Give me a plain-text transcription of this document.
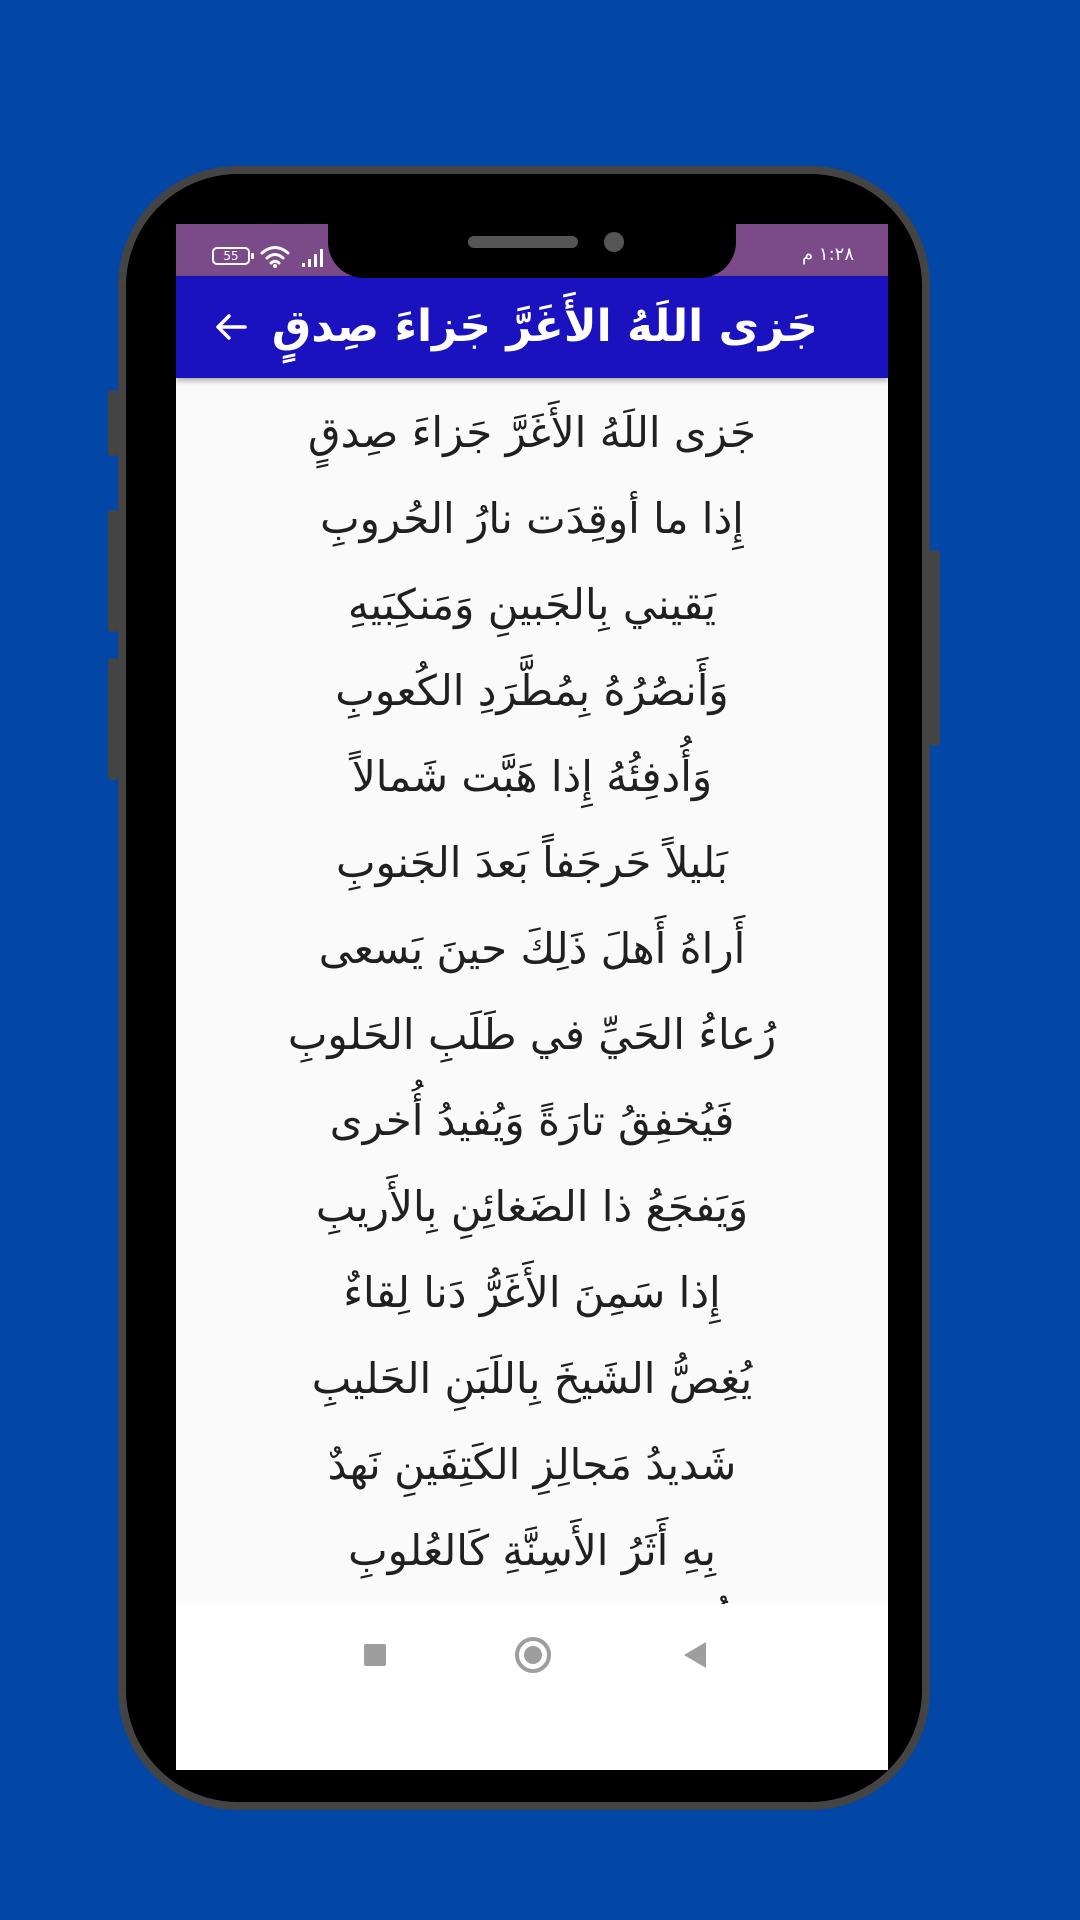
55	١:٢٨ م
جَزى اللَهُ الأَغَرَّ جَزاءَ صِدقٍ
جَزى اللَهُ الأَغَرَّ جَزاءَ صِدقٍ
إِذا ما أوقِدَت نارُ الحُروبِ
يَقيني بِالجَبينِ وَمَنكِبَيهِ
وَأَنصُرُهُ بِمُطَّرَدِ الكُعوبِ
وَأُدفِئُهُ إِذا هَبَّت شَمالاً
بَليلاً حَرجَفاً بَعدَ الجَنوبِ
أَراهُ أَهلَ ذَلِكَ حينَ يَسعى
رُعاءُ الحَيِّ في طَلَبِ الحَلوبِ
فَيُخفِقُ تارَةً وَيُفيدُ أُخرى
وَيَفجَعُ ذا الضَغائِنِ بِالأَريبِ
إِذا سَمِنَ الأَغَرُّ دَنا لِقاءٌ
يُغِصُّ الشَيخَ بِاللَبَنِ الحَليبِ
شَديدُ مَجالِزِ الكَتِفَينِ نَهدٌ
بِهِ أَثَرُ الأَسِنَّةِ كَالعُلوبِ
